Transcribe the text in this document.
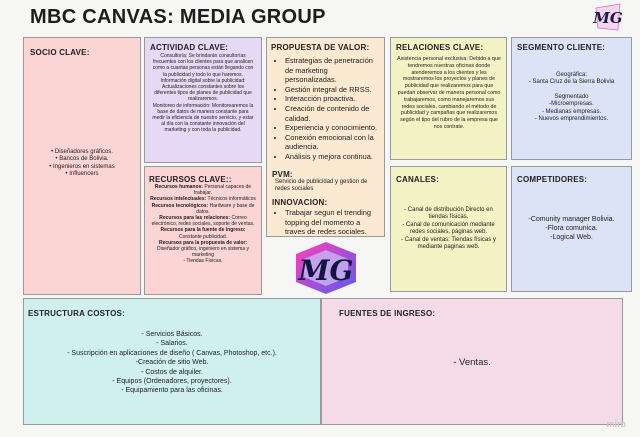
MBC CANVAS: MEDIA GROUP	MG
SOCIO CLAVE:
• Diseñadores gráficos.
• Bancos de Bolivia.
• Ingenieros en sistemas
• Influencers
ACTIVIDAD CLAVE:
Consultoría: Se brindarán consultorías frecuentes con los clientes para que analicen como a cuantas personas están llegando con la publicidad y todo lo que haremos.
Información digital sobre la publicidad: Actualizaciones constantes sobre los diferentes tipos de planes de publicidad que realizaremos.
Monitoreo de información: Monitorearemos la base de datos de manera constante para medir la eficiencia de nuestro servicio, y estar al día con la constante innovación del marketing y con toda la publicidad.
RECURSOS CLAVE::
Recursos humanos: Personal capaces de trabajar.
Recursos intelectuales: Técnicos informáticos
Recursos tecnológicos: Hardware y base de datos.
Recursos para las relaciones: Correo electrónico, redes sociales, soporte de ventas.
Recursos para la fuente de ingreso: Constante publicidad.
Recursos para la propuesta de valor: Diseñador gráfico, ingeniero en sistema y marketing
- Tiendas Físicas.
PROPUESTA DE VALOR:
• Estrategias de penetración de marketing personalizadas.
• Gestión integral de RRSS.
• Interacción proactiva.
• Creación de contenido de calidad.
• Experiencia y conocimiento.
• Conexión emocional con la audiencia.
• Análisis y mejora continua.
PVM:
Servicio de publicidad y gestion de redes sociales
INNOVACION:
• Trabajar segun el trending topping del momento a traves de redes sociales.
MG
RELACIONES CLAVE:
Asistencia personal exclusiva: Debido a que tendremos nuestras oficinas donde atenderemos a los clientes y les mostraremos los proyectos y planes de publicidad que realizaremos para que puedan observar de manera personal como trabajaremos, como manejaremos sus redes sociales, cambiando el método de publicidad y campañas que realizaremos según el tipo del rubro de la empresa que nos contrate.
CANALES:
- Canal de distribución Directo en tiendas físicas.
- Canal de comunicación mediante redes sociales, páginas web.
- Canal de ventas: Tiendas físicas y mediante paginas web.
SEGMENTO CLIENTE:
Geográfica:
- Santa Cruz de la Sierra Bolivia
Segmentado
-Microempresas.
- Medianas empresas.
- Nuevos emprendimientos.
COMPETIDORES:
-Comunity manager Bolivia.
-Flora comunica.
-Logical Web.
ESTRUCTURA COSTOS:
- Servicios Básicos.
- Salarios.
- Suscripción en aplicaciones de diseño ( Canvas, Photoshop, etc.).
-Creación de sitio Web.
- Costos de alquiler.
- Equipos (Ordenadores, proyectores).
- Equipamiento para las oficinas.
FUENTES DE INGRESO:
- Ventas.
miro
